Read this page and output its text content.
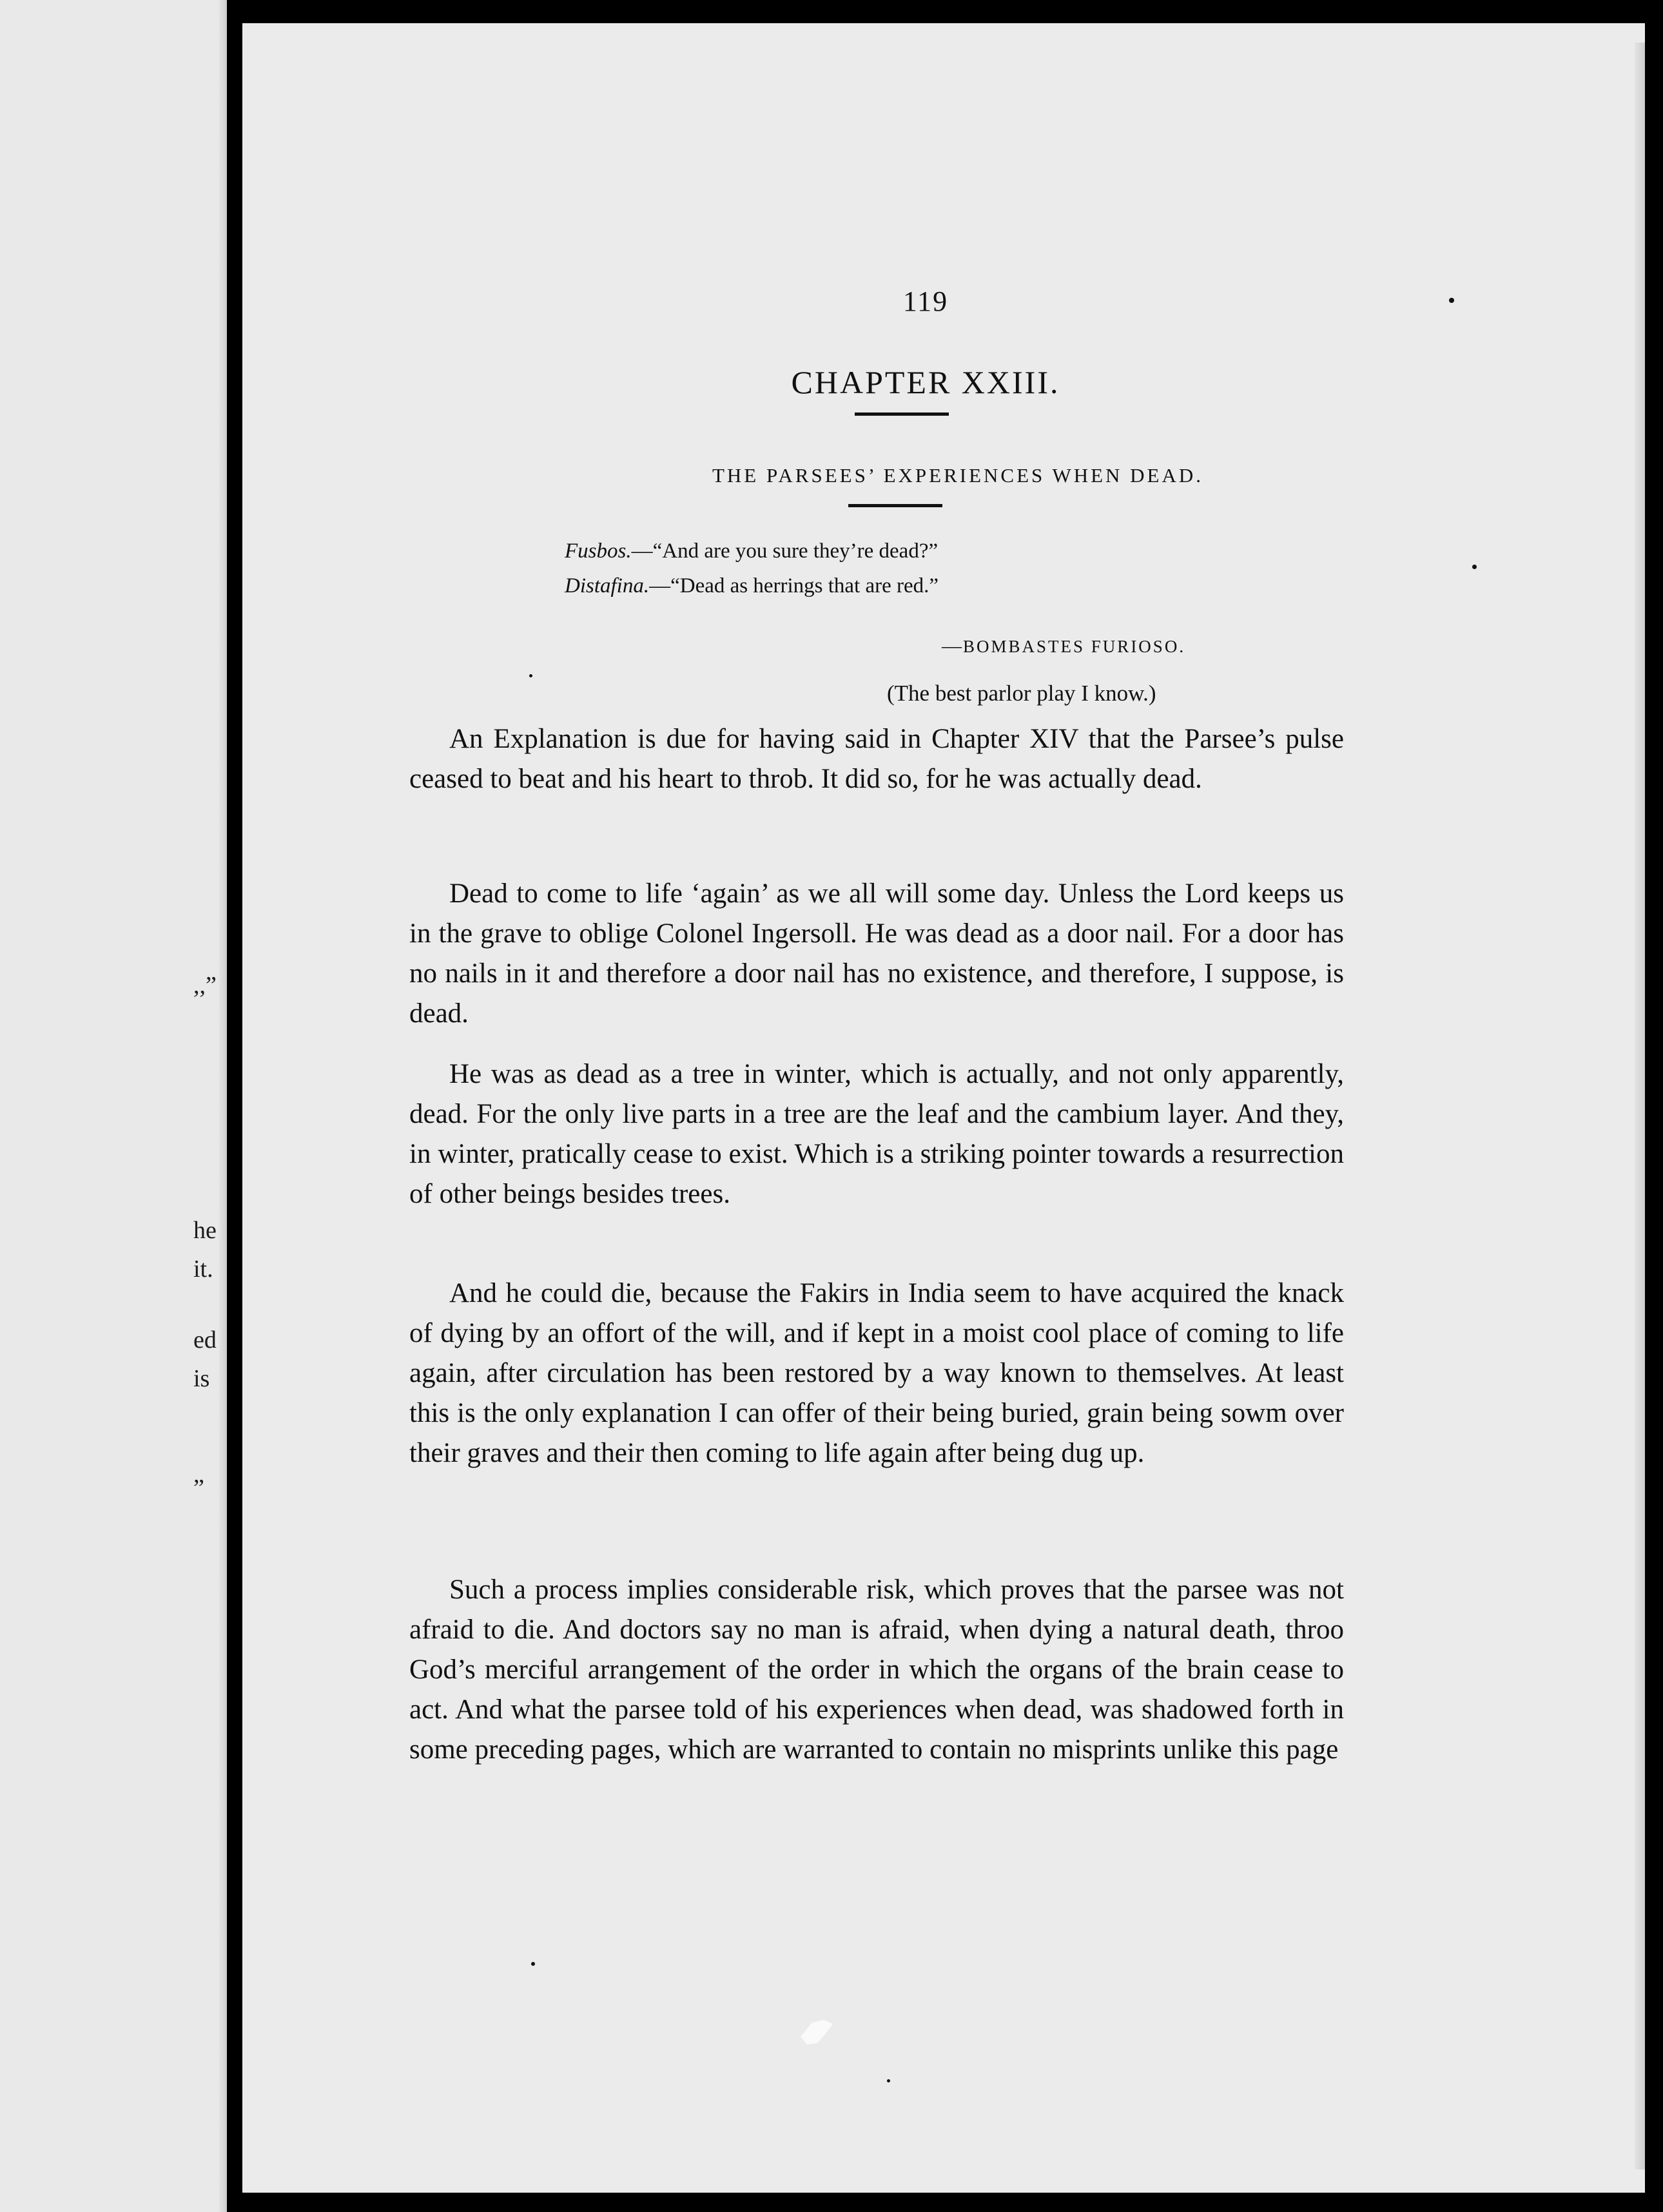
,,”
he
it.
ed
is
”
119
CHAPTER XXIII.
THE PARSEES’ EXPERIENCES WHEN DEAD.
Fusbos.—“And are you sure they’re dead?”
Distafina.—“Dead as herrings that are red.”
—BOMBASTES FURIOSO.
(The best parlor play I know.)

An Explanation is due for having said in Chapter XIV that the Parsee’s pulse ceased to beat and his heart to throb. It did so, for he was actually dead.

Dead to come to life ‘again’ as we all will some day. Unless the Lord keeps us in the grave to oblige Colonel Ingersoll. He was dead as a door nail. For a door has no nails in it and therefore a door nail has no existence, and therefore, I suppose, is dead.

He was as dead as a tree in winter, which is actually, and not only apparently, dead. For the only live parts in a tree are the leaf and the cambium layer. And they, in winter, pratically cease to exist. Which is a striking pointer towards a resurrection of other beings besides trees.

And he could die, because the Fakirs in India seem to have acquired the knack of dying by an offort of the will, and if kept in a moist cool place of coming to life again, after circulation has been restored by a way known to themselves. At least this is the only explanation I can offer of their being buried, grain being sowm over their graves and their then coming to life again after being dug up.

Such a process implies considerable risk, which proves that the parsee was not afraid to die. And doctors say no man is afraid, when dying a natural death, throo God’s merciful arrangement of the order in which the organs of the brain cease to act. And what the parsee told of his experiences when dead, was shadowed forth in some preceding pages, which are warranted to contain no misprints unlike this page
